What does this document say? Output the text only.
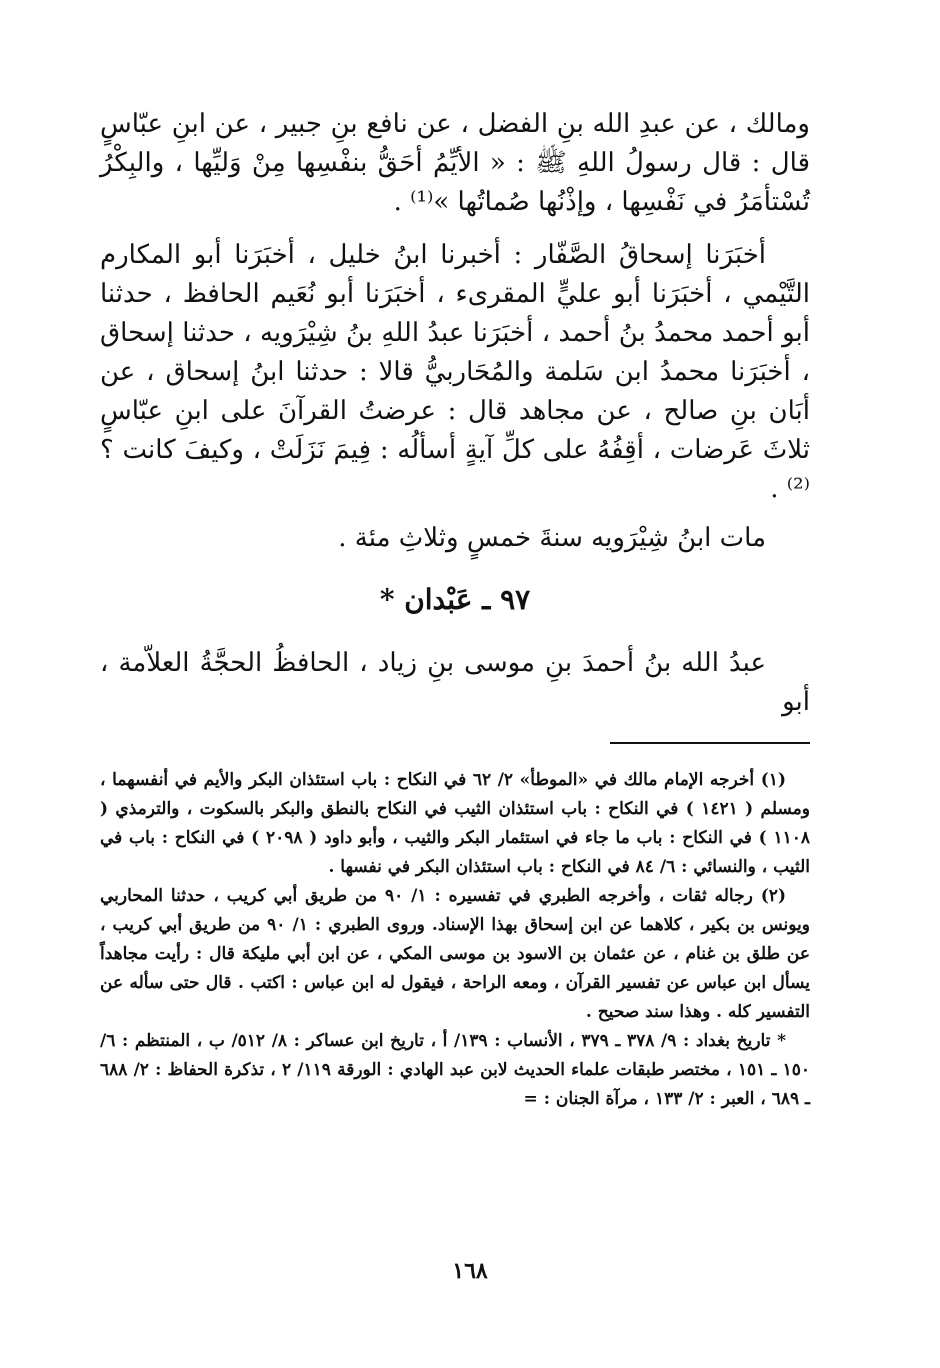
ومالك ، عن عبدِ الله بنِ الفضل ، عن نافع بنِ جبير ، عن ابنِ عبّاسٍ قال : قال رسولُ اللهِ ﷺ : « الأيِّمُ أحَقُّ بنفْسِها مِنْ وَليِّها ، والبِكْرُ تُسْتأمَرُ في نَفْسِها ، وإذْنُها صُماتُها »⁽¹⁾ .

أخبَرَنا إسحاقُ الصَّفّار : أخبرنا ابنُ خليل ، أخبَرَنا أبو المكارم التَّيْمي ، أخبَرَنا أبو عليٍّ المقرىء ، أخبَرَنا أبو نُعَيم الحافظ ، حدثنا أبو أحمد محمدُ بنُ أحمد ، أخبَرَنا عبدُ اللهِ بنُ شِيْرَويه ، حدثنا إسحاق ، أخبَرَنا محمدُ ابن سَلمة والمُحَاربيُّ قالا : حدثنا ابنُ إسحاق ، عن أبَان بنِ صالح ، عن مجاهد قال : عرضتُ القرآنَ على ابنِ عبّاسٍ ثلاثَ عَرضات ، أقِفُهُ على كلِّ آيةٍ أسألُه : فِيمَ نَزَلَتْ ، وكيفَ كانت ؟⁽²⁾ .

مات ابنُ شِيْرَويه سنةَ خمسٍ وثلاثِ مئة .

٩٧ ـ عَبْدان *

عبدُ الله بنُ أحمدَ بنِ موسى بنِ زياد ، الحافظُ الحجَّةُ العلاّمة ، أبو

(١) أخرجه الإمام مالك في «الموطأ» ٢/ ٦٢ في النكاح : باب استئذان البكر والأيم في أنفسهما ، ومسلم ( ١٤٢١ ) في النكاح : باب استئذان الثيب في النكاح بالنطق والبكر بالسكوت ، والترمذي ( ١١٠٨ ) في النكاح : باب ما جاء في استئمار البكر والثيب ، وأبو داود ( ٢٠٩٨ ) في النكاح : باب في الثيب ، والنسائي : ٦/ ٨٤ في النكاح : باب استئذان البكر في نفسها .

(٢) رجاله ثقات ، وأخرجه الطبري في تفسيره : ١/ ٩٠ من طريق أبي كريب ، حدثنا المحاربي ويونس بن بكير ، كلاهما عن ابن إسحاق بهذا الإسناد. وروى الطبري : ١/ ٩٠ من طريق أبي كريب ، عن طلق بن غنام ، عن عثمان بن الاسود بن موسى المكي ، عن ابن أبي مليكة قال : رأيت مجاهداً يسأل ابن عباس عن تفسير القرآن ، ومعه الراحة ، فيقول له ابن عباس : اكتب . قال حتى سأله عن التفسير كله . وهذا سند صحيح .

* تاريخ بغداد : ٩/ ٣٧٨ ـ ٣٧٩ ، الأنساب : ١٣٩/ أ ، تاريخ ابن عساكر : ٨/ ٥١٢/ ب ، المنتظم : ٦/ ١٥٠ ـ ١٥١ ، مختصر طبقات علماء الحديث لابن عبد الهادي : الورقة ١١٩/ ٢ ، تذكرة الحفاظ : ٢/ ٦٨٨ ـ ٦٨٩ ، العبر : ٢/ ١٣٣ ، مرآة الجنان : =

١٦٨
